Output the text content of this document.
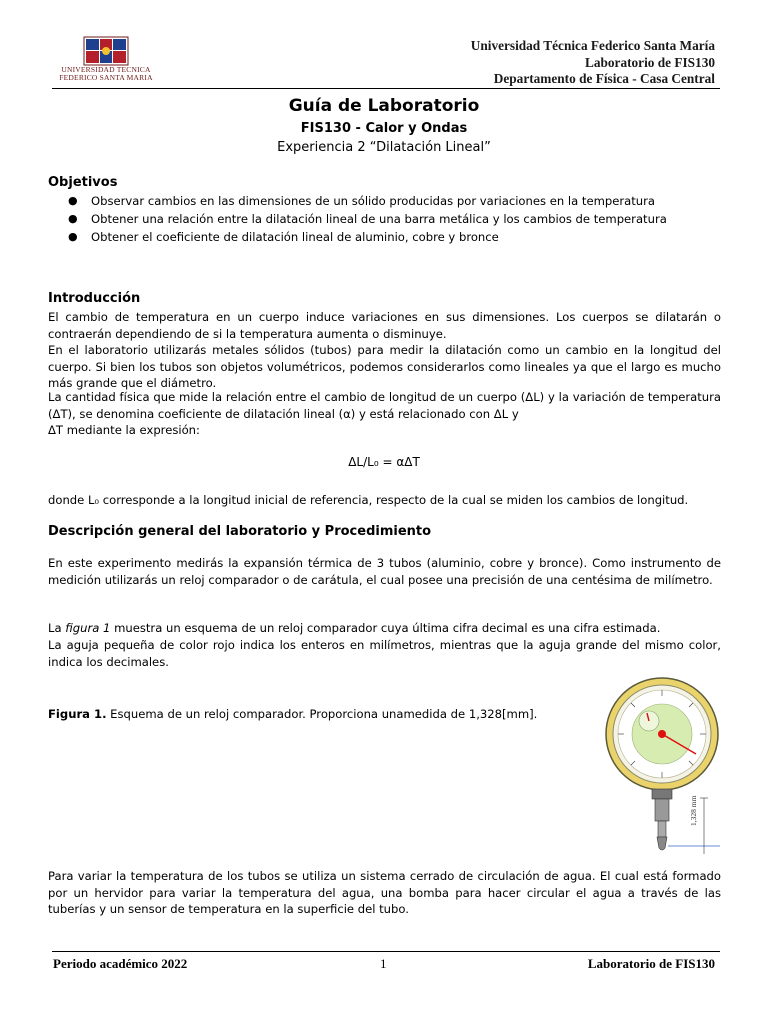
UNIVERSIDAD TECNICA
FEDERICO SANTA MARIA
Universidad Técnica Federico Santa María
Laboratorio de FIS130
Departamento de Física - Casa Central
Guía de Laboratorio
FIS130 - Calor y Ondas
Experiencia 2 “Dilatación Lineal”
Objetivos
● Observar cambios en las dimensiones de un sólido producidas por variaciones en la temperatura
● Obtener una relación entre la dilatación lineal de una barra metálica y los cambios de temperatura
● Obtener el coeficiente de dilatación lineal de aluminio, cobre y bronce
Introducción
El cambio de temperatura en un cuerpo induce variaciones en sus dimensiones. Los cuerpos se dilatarán o contraerán dependiendo de si la temperatura aumenta o disminuye.
En el laboratorio utilizarás metales sólidos (tubos) para medir la dilatación como un cambio en la longitud del cuerpo. Si bien los tubos son objetos volumétricos, podemos considerarlos como lineales ya que el largo es mucho más grande que el diámetro.
La cantidad física que mide la relación entre el cambio de longitud de un cuerpo (ΔL) y la variación de temperatura (ΔT), se denomina coeficiente de dilatación lineal (α) y está relacionado con ΔL y
ΔT mediante la expresión:
ΔL/L₀ = αΔT
donde L₀ corresponde a la longitud inicial de referencia, respecto de la cual se miden los cambios de longitud.
Descripción general del laboratorio y Procedimiento
En este experimento medirás la expansión térmica de 3 tubos (aluminio, cobre y bronce). Como instrumento de medición utilizarás un reloj comparador o de carátula, el cual posee una precisión de una centésima de milímetro.
La figura 1 muestra un esquema de un reloj comparador cuya última cifra decimal es una cifra estimada.
La aguja pequeña de color rojo indica los enteros en milímetros, mientras que la aguja grande del mismo color, indica los decimales.
Figura 1. Esquema de un reloj comparador. Proporciona unamedida de 1,328[mm].
1,328 mm
Para variar la temperatura de los tubos se utiliza un sistema cerrado de circulación de agua. El cual está formado por un hervidor para variar la temperatura del agua, una bomba para hacer circular el agua a través de las tuberías y un sensor de temperatura en la superficie del tubo.
Periodo académico 2022	1	Laboratorio de FIS130
